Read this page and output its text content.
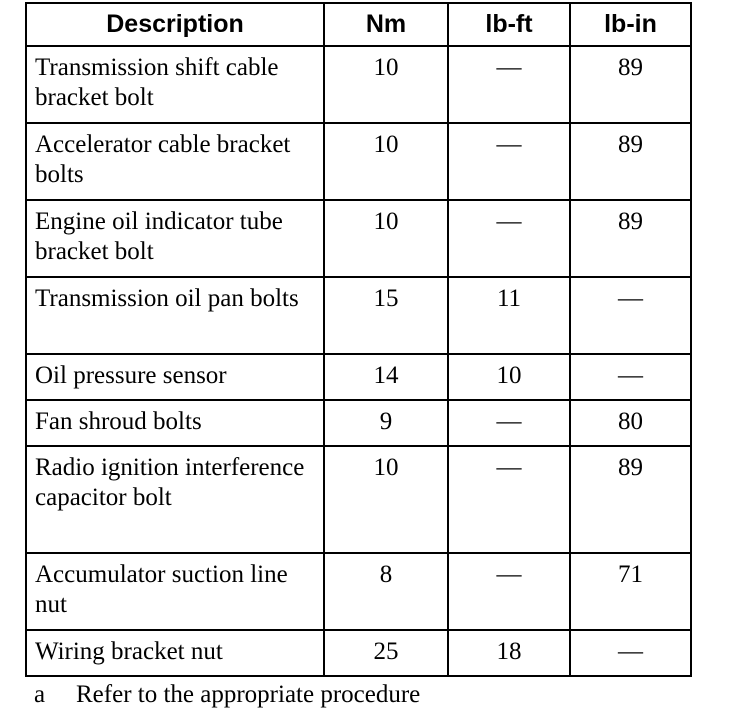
Description	Nm	lb-ft	lb-in
Transmission shift cable bracket bolt	10	—	89
Accelerator cable bracket bolts	10	—	89
Engine oil indicator tube bracket bolt	10	—	89
Transmission oil pan bolts	15	11	—
Oil pressure sensor	14	10	—
Fan shroud bolts	9	—	80
Radio ignition interference capacitor bolt	10	—	89
Accumulator suction line nut	8	—	71
Wiring bracket nut	25	18	—
a Refer to the appropriate procedure
